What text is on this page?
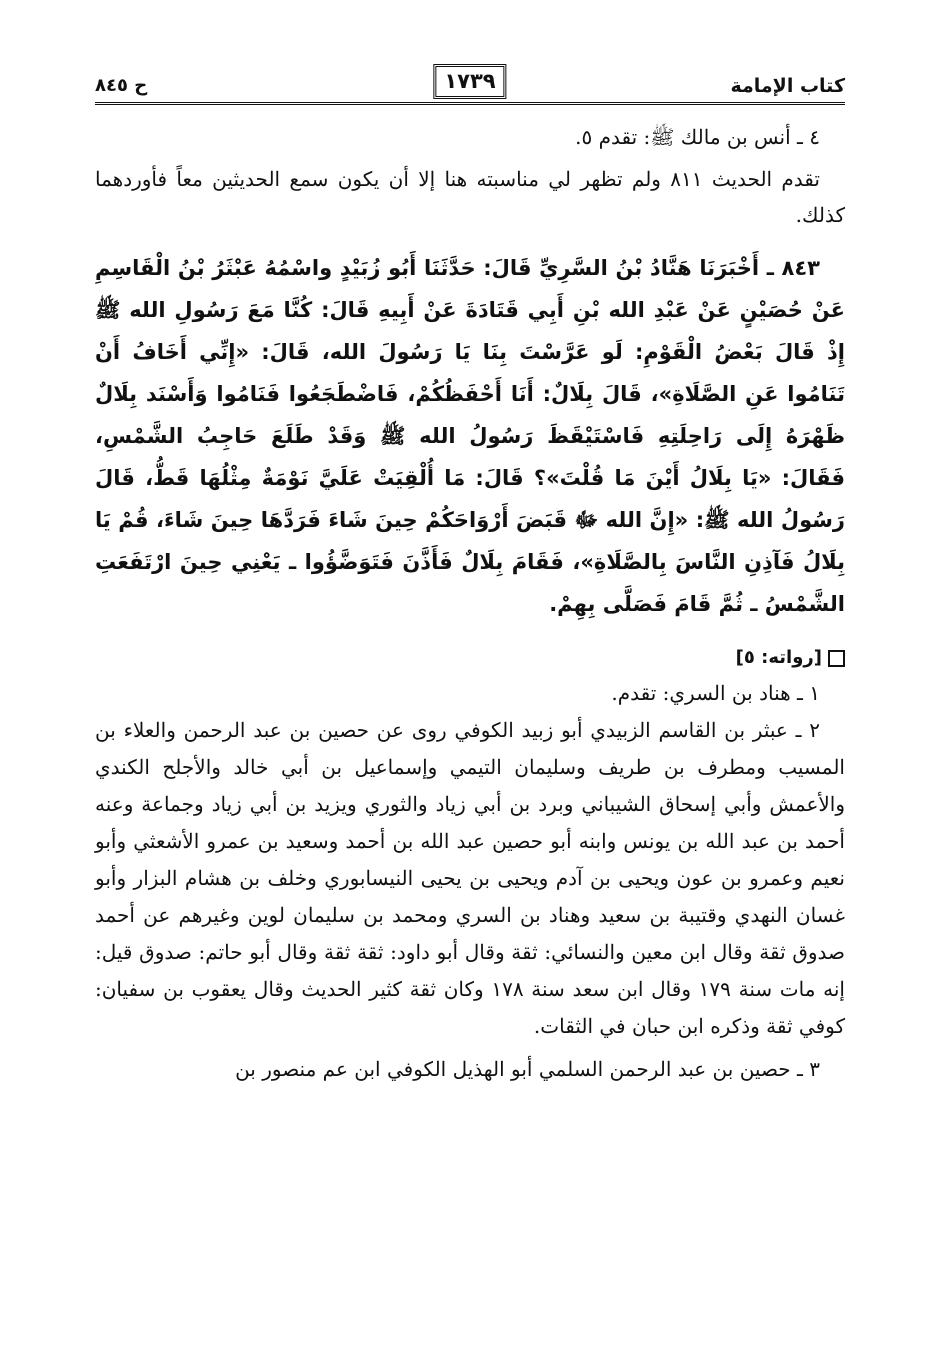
كتاب الإمامة
١٧٣٩
ح ٨٤٥

٤ ـ أنس بن مالك ﷺ: تقدم ٥.

تقدم الحديث ٨١١ ولم تظهر لي مناسبته هنا إلا أن يكون سمع الحديثين معاً فأوردهما كذلك.

٨٤٣ ـ أَخْبَرَنَا هَنَّادُ بْنُ السَّرِيِّ قَالَ: حَدَّثَنَا أَبُو زُبَيْدٍ واسْمُهُ عَبْثَرُ بْنُ الْقَاسِمِ عَنْ حُصَيْنٍ عَنْ عَبْدِ الله بْنِ أَبِي قَتَادَةَ عَنْ أَبِيهِ قَالَ: كُنَّا مَعَ رَسُولِ الله ﷺ إِذْ قَالَ بَعْضُ الْقَوْمِ: لَو عَرَّسْتَ بِنَا يَا رَسُولَ الله، قَالَ: «إِنِّي أَخَافُ أَنْ تَنَامُوا عَنِ الصَّلَاةِ»، قَالَ بِلَالٌ: أَنَا أَحْفَظُكُمْ، فَاضْطَجَعُوا فَنَامُوا وَأَسْنَد بِلَالٌ ظَهْرَهُ إِلَى رَاحِلَتِهِ فَاسْتَيْقَظَ رَسُولُ الله ﷺ وَقَدْ طَلَعَ حَاجِبُ الشَّمْسِ، فَقَالَ: «يَا بِلَالُ أَيْنَ مَا قُلْتَ»؟ قَالَ: مَا أُلْقِيَتْ عَلَيَّ نَوْمَةٌ مِثْلُهَا قَطُّ، قَالَ رَسُولُ الله ﷺ: «إِنَّ الله ﷻ قَبَضَ أَرْوَاحَكُمْ حِينَ شَاءَ فَرَدَّهَا حِينَ شَاءَ، قُمْ يَا بِلَالُ فَآذِنِ النَّاسَ بِالصَّلَاةِ»، فَقَامَ بِلَالٌ فَأَذَّنَ فَتَوَضَّؤُوا ـ يَعْنِي حِينَ ارْتَفَعَتِ الشَّمْسُ ـ ثُمَّ قَامَ فَصَلَّى بِهِمْ.

[رواته: ٥]

١ ـ هناد بن السري: تقدم.

٢ ـ عبثر بن القاسم الزبيدي أبو زبيد الكوفي روى عن حصين بن عبد الرحمن والعلاء بن المسيب ومطرف بن طريف وسليمان التيمي وإسماعيل بن أبي خالد والأجلح الكندي والأعمش وأبي إسحاق الشيباني وبرد بن أبي زياد والثوري ويزيد بن أبي زياد وجماعة وعنه أحمد بن عبد الله بن يونس وابنه أبو حصين عبد الله بن أحمد وسعيد بن عمرو الأشعثي وأبو نعيم وعمرو بن عون ويحيى بن آدم ويحيى بن يحيى النيسابوري وخلف بن هشام البزار وأبو غسان النهدي وقتيبة بن سعيد وهناد بن السري ومحمد بن سليمان لوين وغيرهم عن أحمد صدوق ثقة وقال ابن معين والنسائي: ثقة وقال أبو داود: ثقة ثقة وقال أبو حاتم: صدوق قيل: إنه مات سنة ١٧٩ وقال ابن سعد سنة ١٧٨ وكان ثقة كثير الحديث وقال يعقوب بن سفيان: كوفي ثقة وذكره ابن حبان في الثقات.

٣ ـ حصين بن عبد الرحمن السلمي أبو الهذيل الكوفي ابن عم منصور بن
